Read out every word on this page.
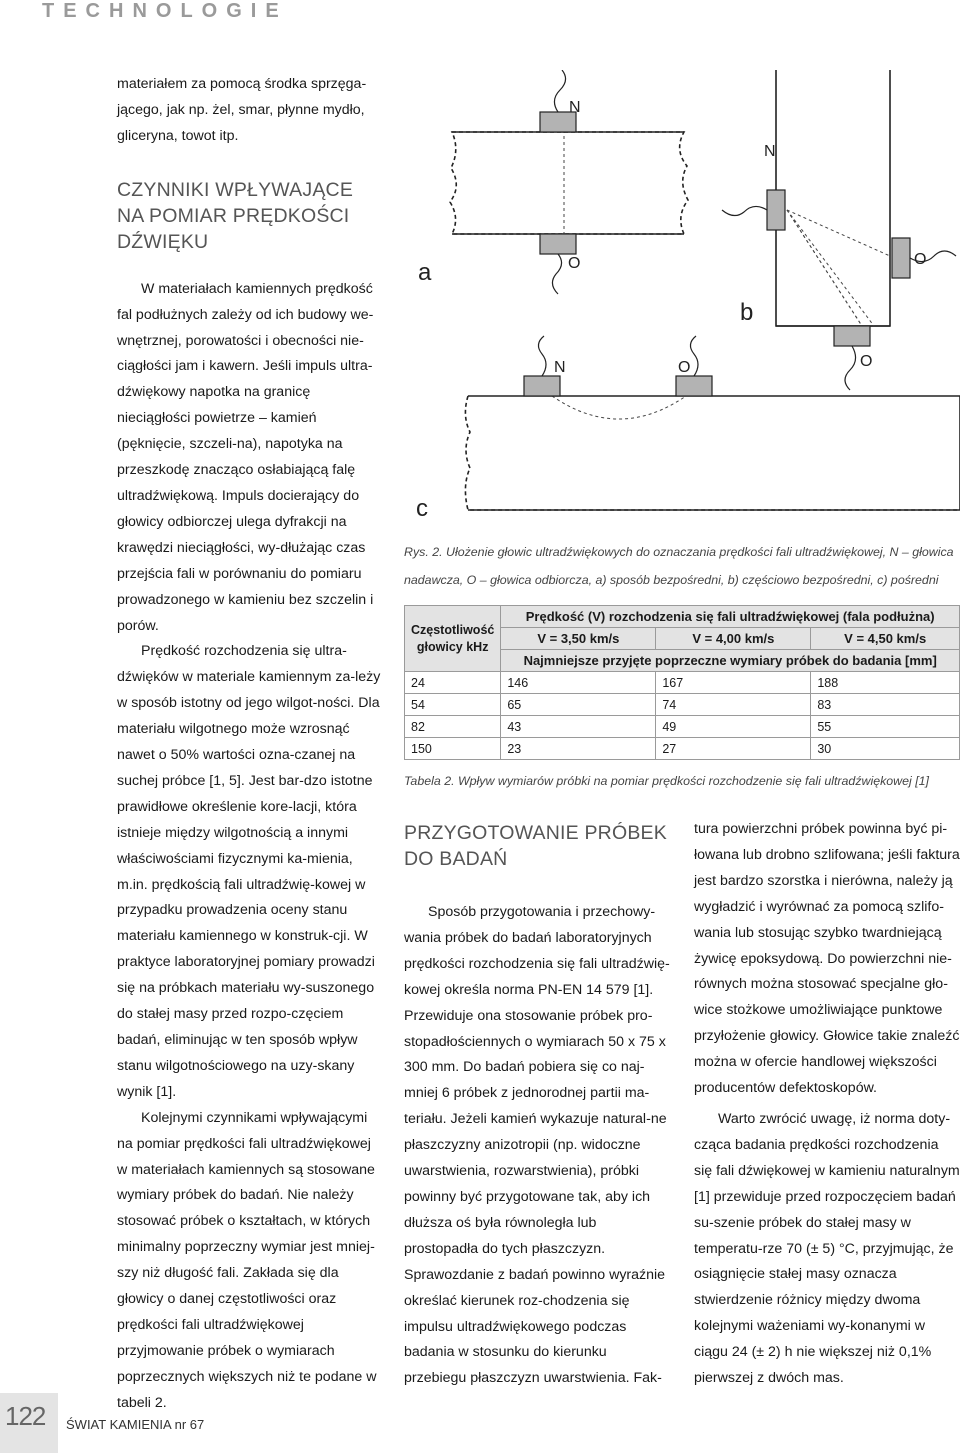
TECHNOLOGIE

materiałem za pomocą środka sprzęga-jącego, jak np. żel, smar, płynne mydło, gliceryna, towot itp.

CZYNNIKI WPŁYWAJĄCE NA POMIAR PRĘDKOŚCI DŹWIĘKU

W materiałach kamiennych prędkość fal podłużnych zależy od ich budowy we-wnętrznej, porowatości i obecności nie-ciągłości jam i kawern. Jeśli impuls ultra-dźwiękowy napotka na granicę nieciągłości powietrze – kamień (pęknięcie, szczeli-na), napotyka na przeszkodę znacząco osłabiającą falę ultradźwiękową. Impuls docierający do głowicy odbiorczej ulega dyfrakcji na krawędzi nieciągłości, wy-dłużając czas przejścia fali w porównaniu do pomiaru prowadzonego w kamieniu bez szczelin i porów.

Prędkość rozchodzenia się ultra-dźwięków w materiale kamiennym za-leży w sposób istotny od jego wilgot-ności. Dla materiału wilgotnego może wzrosnąć nawet o 50% wartości ozna-czanej na suchej próbce [1, 5]. Jest bar-dzo istotne prawidłowe określenie kore-lacji, która istnieje między wilgotnością a innymi właściwościami fizycznymi ka-mienia, m.in. prędkością fali ultradźwię-kowej w przypadku prowadzenia oceny stanu materiału kamiennego w konstruk-cji. W praktyce laboratoryjnej pomiary prowadzi się na próbkach materiału wy-suszonego do stałej masy przed rozpo-częciem badań, eliminując w ten sposób wpływ stanu wilgotnościowego na uzy-skany wynik [1].

Kolejnymi czynnikami wpływającymi na pomiar prędkości fali ultradźwiękowej w materiałach kamiennych są stosowane wymiary próbek do badań. Nie należy stosować próbek o kształtach, w których minimalny poprzeczny wymiar jest mniej-szy niż długość fali. Zakłada się dla głowicy o danej częstotliwości oraz prędkości fali ultradźwiękowej przyjmowanie próbek o wymiarach poprzecznych większych niż te podane w tabeli 2.

N
N
a	O
b
O
O
N	O
c
Rys. 2. Ułożenie głowic ultradźwiękowych do oznaczania prędkości fali ultradźwiękowej, N – głowica nadawcza, O – głowica odbiorcza, a) sposób bezpośredni, b) częściowo bezpośredni, c) pośredni
Częstotliwość głowicy kHz	Prędkość (V) rozchodzenia się fali ultradźwiękowej (fala podłużna)		
	V = 3,50 km/s	V = 4,00 km/s	V = 4,50 km/s
	Najmniejsze przyjęte poprzeczne wymiary próbek do badania [mm]		
24	146	167	188
54	65	74	83
82	43	49	55
150	23	27	30
Tabela 2. Wpływ wymiarów próbki na pomiar prędkości rozchodzenie się fali ultradźwiękowej [1]
PRZYGOTOWANIE PRÓBEK DO BADAŃ

Sposób przygotowania i przechowy-wania próbek do badań laboratoryjnych prędkości rozchodzenia się fali ultradźwię-kowej określa norma PN-EN 14 579 [1]. Przewiduje ona stosowanie próbek pro-stopadłościennych o wymiarach 50 x 75 x 300 mm. Do badań pobiera się co naj-mniej 6 próbek z jednorodnej partii ma-teriału. Jeżeli kamień wykazuje natural-ne płaszczyzny anizotropii (np. widoczne uwarstwienia, rozwarstwienia), próbki powinny być przygotowane tak, aby ich dłuższa oś była równoległa lub prostopadła do tych płaszczyzn. Sprawozdanie z badań powinno wyraźnie określać kierunek roz-chodzenia się impulsu ultradźwiękowego podczas badania w stosunku do kierunku przebiegu płaszczyzn uwarstwienia. Fak-

tura powierzchni próbek powinna być pi-łowana lub drobno szlifowana; jeśli faktura jest bardzo szorstka i nierówna, należy ją wygładzić i wyrównać za pomocą szlifo-wania lub stosując szybko twardniejącą żywicę epoksydową. Do powierzchni nie-równych można stosować specjalne gło-wice stożkowe umożliwiające punktowe przyłożenie głowicy. Głowice takie znaleźć można w ofercie handlowej większości producentów defektoskopów.

Warto zwrócić uwagę, iż norma doty-cząca badania prędkości rozchodzenia się fali dźwiękowej w kamieniu naturalnym [1] przewiduje przed rozpoczęciem badań su-szenie próbek do stałej masy w temperatu-rze 70 (± 5) °C, przyjmując, że osiągnięcie stałej masy oznacza stwierdzenie różnicy między dwoma kolejnymi ważeniami wy-konanymi w ciągu 24 (± 2) h nie większej niż 0,1% pierwszej z dwóch mas.

122 ŚWIAT KAMIENIA nr 67
